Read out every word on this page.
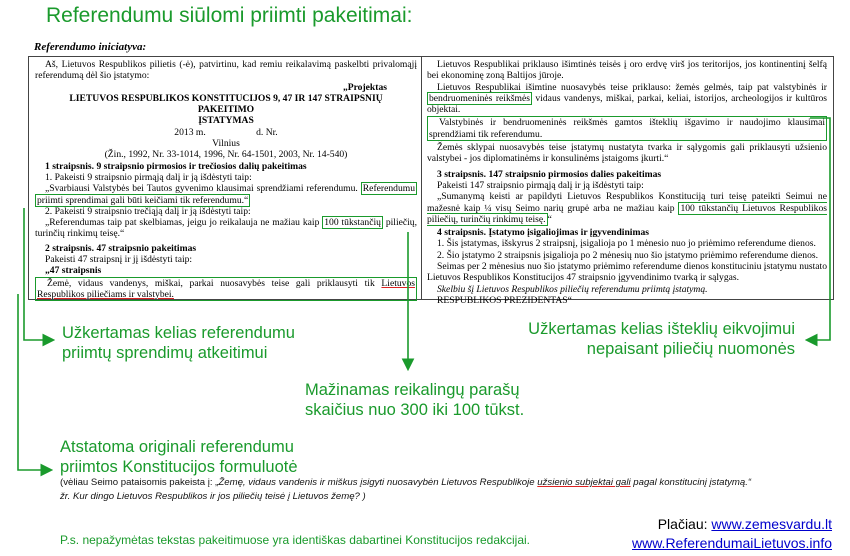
Referendumu siūlomi priimti pakeitimai:
Referendumo iniciatyva:
Aš, Lietuvos Respublikos pilietis (-ė), patvirtinu, kad remiu reikalavimą paskelbti privalomąjį referendumą dėl šio įstatymo:
„Projektas
LIETUVOS RESPUBLIKOS KONSTITUCIJOS 9, 47 IR 147 STRAIPSNIŲ
PAKEITIMO
ĮSTATYMAS
2013 m.                     d. Nr.
Vilnius
(Žin., 1992, Nr. 33-1014, 1996, Nr. 64-1501, 2003, Nr. 14-540)
1 straipsnis. 9 straipsnio pirmosios ir trečiosios dalių pakeitimas
1. Pakeisti 9 straipsnio pirmąją dalį ir ją išdėstyti taip:
„Svarbiausi Valstybės bei Tautos gyvenimo klausimai sprendžiami referendumu. Referendumu priimti sprendimai gali būti keičiami tik referendumu.“
2. Pakeisti 9 straipsnio trečiąją dalį ir ją išdėstyti taip:
„Referendumas taip pat skelbiamas, jeigu jo reikalauja ne mažiau kaip 100 tūkstančių piliečių, turinčių rinkimų teisę.“
2 straipsnis. 47 straipsnio pakeitimas
Pakeisti 47 straipsnį ir jį išdėstyti taip:
„47 straipsnis
Žemė, vidaus vandenys, miškai, parkai nuosavybės teise gali priklausyti tik Lietuvos Respublikos piliečiams ir valstybei.
Lietuvos Respublikai priklauso išimtinės teisės į oro erdvę virš jos teritorijos, jos kontinentinį šelfą bei ekonominę zoną Baltijos jūroje.
Lietuvos Respublikai išimtine nuosavybės teise priklauso: žemės gelmės, taip pat valstybinės ir bendruomeninės reikšmės vidaus vandenys, miškai, parkai, keliai, istorijos, archeologijos ir kultūros objektai.
Valstybinės ir bendruomeninės reikšmės gamtos išteklių išgavimo ir naudojimo klausimai sprendžiami tik referendumu.
Žemės sklypai nuosavybės teise įstatymų nustatyta tvarka ir sąlygomis gali priklausyti užsienio valstybei - jos diplomatinėms ir konsulinėms įstaigoms įkurti.“
3 straipsnis. 147 straipsnio pirmosios dalies pakeitimas
Pakeisti 147 straipsnio pirmąją dalį ir ją išdėstyti taip:
„Sumanymą keisti ar papildyti Lietuvos Respublikos Konstituciją turi teisę pateikti Seimui ne mažesnė kaip ¼ visų Seimo narių grupė arba ne mažiau kaip 100 tūkstančių Lietuvos Respublikos piliečių, turinčių rinkimų teisę. “
4 straipsnis. Įstatymo įsigaliojimas ir įgyvendinimas
1. Šis įstatymas, išskyrus 2 straipsnį, įsigalioja po 1 mėnesio nuo jo priėmimo referendume dienos.
2. Šio įstatymo 2 straipsnis įsigalioja po 2 mėnesių nuo šio įstatymo priėmimo referendume dienos.
Seimas per 2 mėnesius nuo šio įstatymo priėmimo referendume dienos konstituciniu įstatymu nustato Lietuvos Respublikos Konstitucijos 47 straipsnio įgyvendinimo tvarką ir sąlygas.
Skelbiu šį Lietuvos Respublikos piliečių referendumu priimtą įstatymą.
RESPUBLIKOS PREZIDENTAS“
Užkertamas kelias referendumu
priimtų sprendimų atkeitimui
Užkertamas kelias išteklių eikvojimui
nepaisant piliečių nuomonės
Mažinamas reikalingų parašų
skaičius nuo 300 iki 100 tūkst.
Atstatoma originali referendumu
priimtos Konstitucijos formuluotė
(vėliau Seimo pataisomis pakeista į: „Žemę, vidaus vandenis ir miškus įsigyti nuosavybėn Lietuvos Respublikoje užsienio subjektai gali pagal konstitucinį įstatymą.“
žr. Kur dingo Lietuvos Respublikos ir jos piliečių teisė į Lietuvos žemę? )
P.s. nepažymėtas tekstas pakeitimuose yra identiškas dabartinei Konstitucijos redakcijai.
Plačiau: www.zemesvardu.lt
www.ReferendumaiLietuvos.info
